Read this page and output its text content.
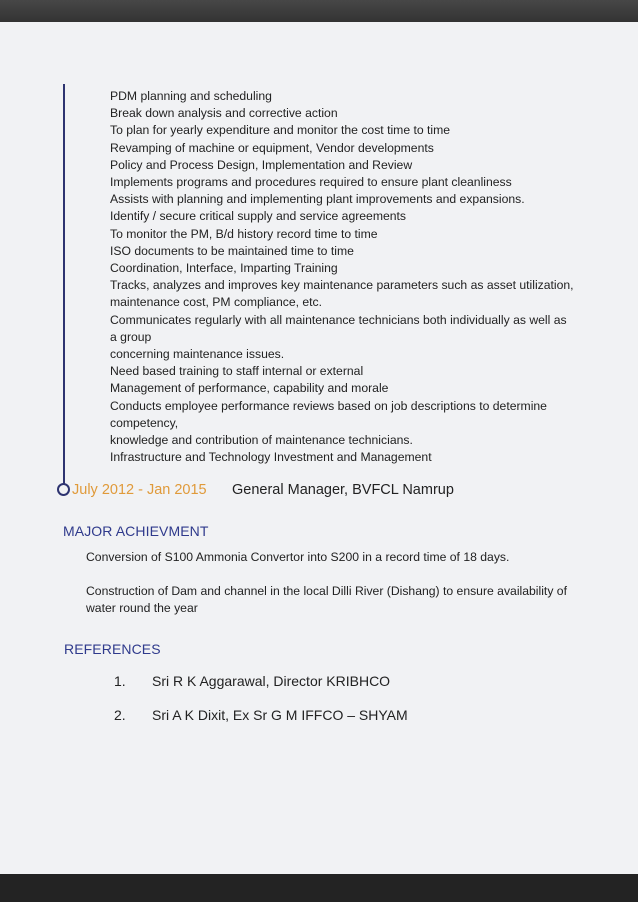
PDM planning and scheduling
Break down analysis and corrective action
To plan for yearly expenditure and monitor the cost time to time
Revamping of machine or equipment, Vendor developments
Policy and Process Design, Implementation and Review
Implements programs and procedures required to ensure plant cleanliness
Assists with planning and implementing plant improvements and expansions.
Identify / secure critical supply and service agreements
To monitor the PM, B/d history record time to time
ISO documents to be maintained time to time
Coordination, Interface, Imparting Training
Tracks, analyzes and improves key maintenance parameters such as asset utilization,
maintenance cost, PM compliance, etc.
Communicates regularly with all maintenance technicians both individually as well as
a group
concerning maintenance issues.
Need based training to staff internal or external
Management of performance, capability and morale
Conducts employee performance reviews based on job descriptions to determine
competency,
knowledge and contribution of maintenance technicians.
Infrastructure and Technology Investment and Management
July 2012 - Jan 2015 General Manager, BVFCL Namrup
MAJOR ACHIEVMENT

Conversion of S100 Ammonia Convertor into S200 in a record time of 18 days.

Construction of Dam and channel in the local Dilli River (Dishang) to ensure availability of water round the year

REFERENCES
1. Sri R K Aggarawal, Director KRIBHCO
2. Sri A K Dixit, Ex Sr G M IFFCO – SHYAM
